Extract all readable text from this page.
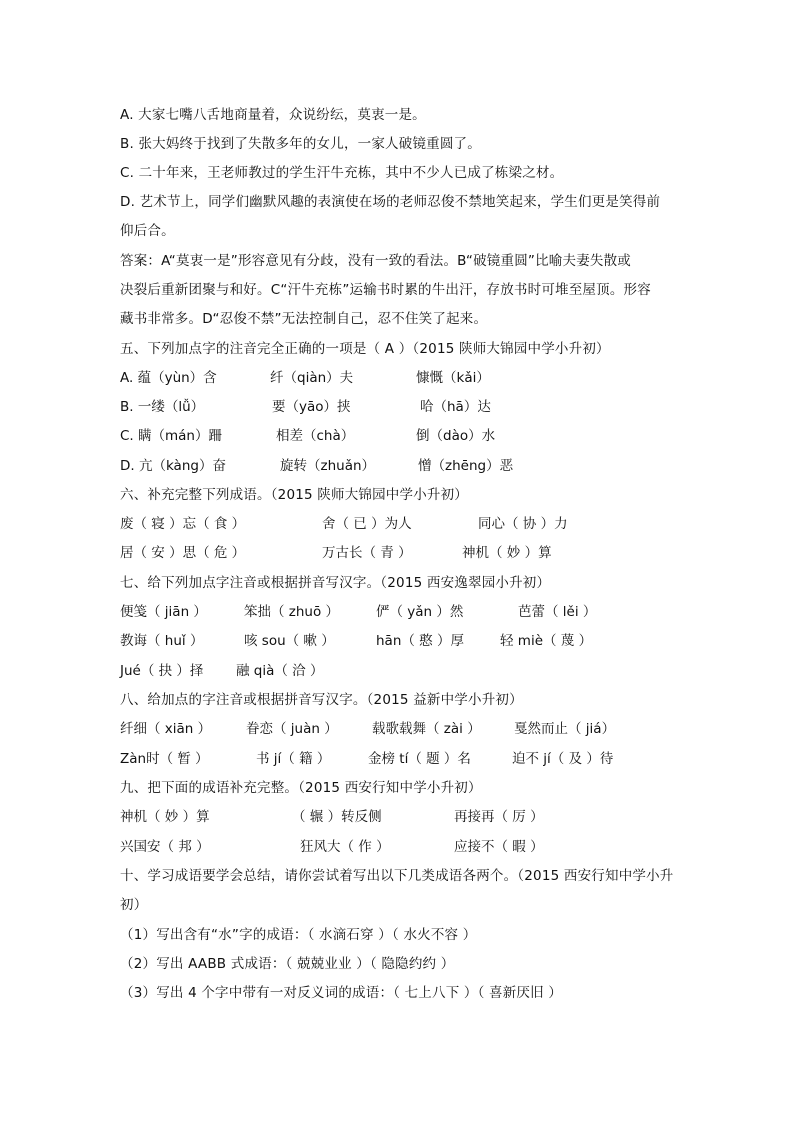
A. 大家七嘴八舌地商量着，众说纷纭，莫衷一是。
B. 张大妈终于找到了失散多年的女儿，一家人破镜重圆了。
C. 二十年来，王老师教过的学生汗牛充栋，其中不少人已成了栋梁之材。
D. 艺术节上，同学们幽默风趣的表演使在场的老师忍俊不禁地笑起来，学生们更是笑得前
仰后合。
答案：A“莫衷一是”形容意见有分歧，没有一致的看法。B“破镜重圆”比喻夫妻失散或
决裂后重新团聚与和好。C“汗牛充栋”运输书时累的牛出汗，存放书时可堆至屋顶。形容
藏书非常多。D“忍俊不禁”无法控制自己，忍不住笑了起来。
五、下列加点字的注音完全正确的一项是（ A ）（2015 陕师大锦园中学小升初）
A. 蕴（yùn）含	纤（qiàn）夫	慷慨（kǎi）
B. 一缕（lǚ）	要（yāo）挟	哈（hā）达
C. 瞒（mán）跚	相差（chà）	倒（dào）水
D. 亢（kàng）奋	旋转（zhuǎn）	憎（zhēng）恶
六、补充完整下列成语。（2015 陕师大锦园中学小升初）
废（ 寝 ）忘（ 食 ）	舍（ 已 ）为人	同心（ 协 ）力
居（ 安 ）思（ 危 ）	万古长（ 青 ）	神机（ 妙 ）算
七、给下列加点字注音或根据拼音写汉字。（2015 西安逸翠园小升初）
便笺（ jiān ）	笨拙（ zhuō ）	俨（ yǎn ）然	芭蕾（ lěi ）
教诲（ huǐ ）	咳 sou（ 嗽 ）	hān（ 憨 ）厚	轻 miè（ 蔑 ）
Jué（ 抉 ）择 融 qià（ 洽 ）
八、给加点的字注音或根据拼音写汉字。（2015 益新中学小升初）
纤细（ xiān ）	眷恋（ juàn ）	载歌载舞（ zài ） 戛然而止（ jiá）
Zàn时（ 暂 ）	书 jí（ 籍 ）	金榜 tí（ 题 ）名	迫不 jí（ 及 ）待
九、把下面的成语补充完整。（2015 西安行知中学小升初）
神机（ 妙 ）算	（ 辗 ）转反侧	再接再（ 厉 ）
兴国安（ 邦 ）	狂风大（ 作 ）	应接不（ 暇 ）
十、学习成语要学会总结，请你尝试着写出以下几类成语各两个。（2015 西安行知中学小升
初）
（1）写出含有“水”字的成语：（ 水滴石穿 ）（ 水火不容 ）
（2）写出 AABB 式成语：（ 兢兢业业 ）（ 隐隐约约 ）
（3）写出 4 个字中带有一对反义词的成语：（ 七上八下 ）（ 喜新厌旧 ）
